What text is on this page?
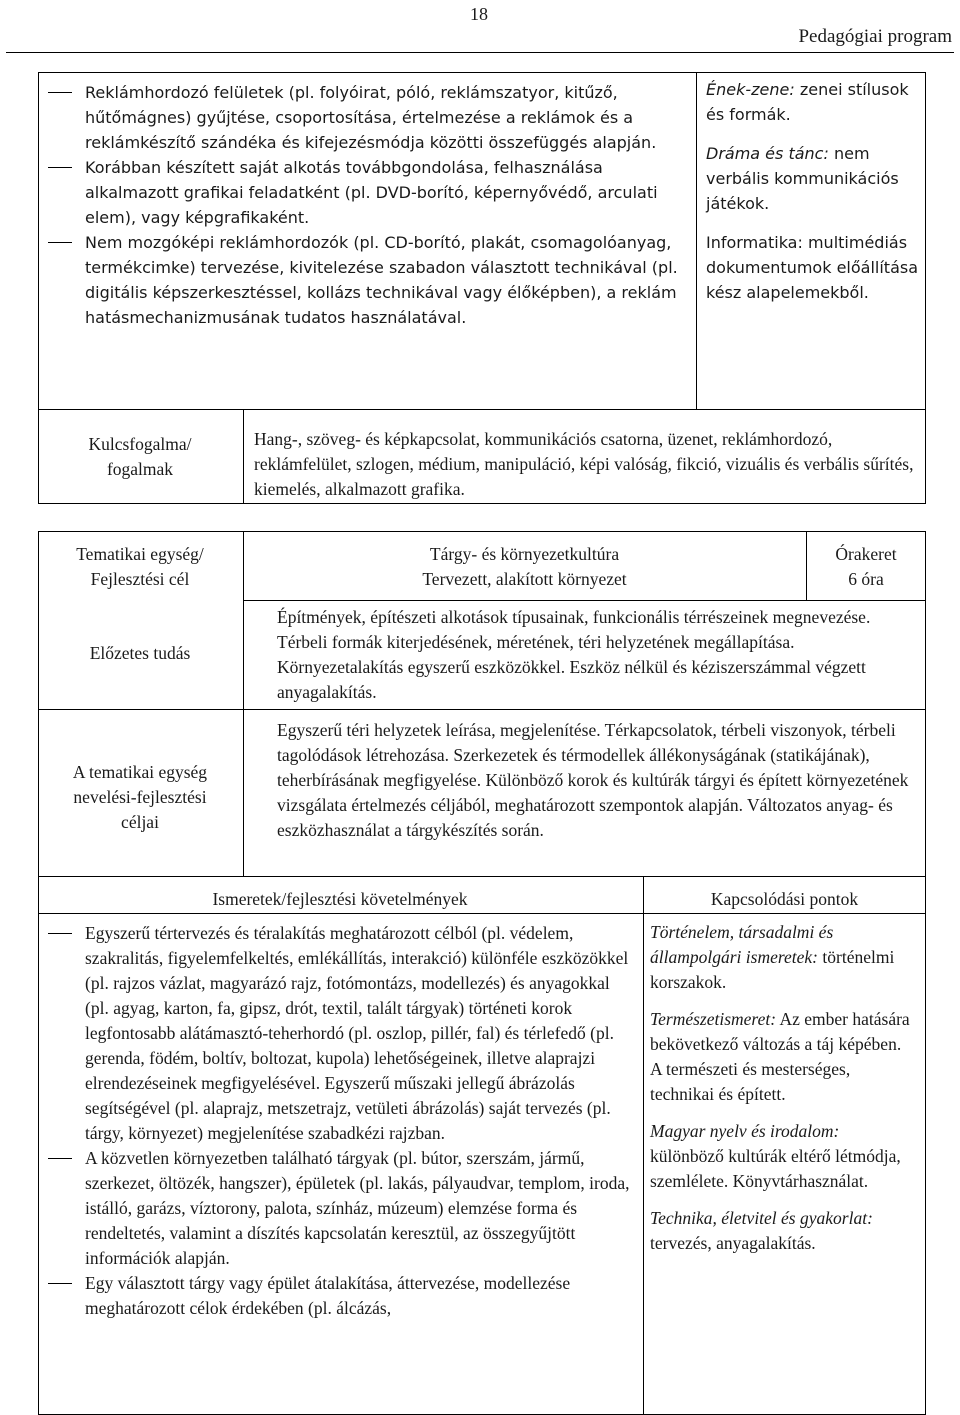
18
Pedagógiai program
Reklámhordozó felületek (pl. folyóirat, póló, reklámszatyor, kitűző, hűtőmágnes) gyűjtése, csoportosítása, értelmezése a reklámok és a reklámkészítő szándéka és kifejezésmódja közötti összefüggés alapján.
Korábban készített saját alkotás továbbgondolása, felhasználása alkalmazott grafikai feladatként (pl. DVD-borító, képernyővédő, arculati elem), vagy képgrafikaként.
Nem mozgóképi reklámhordozók (pl. CD-borító, plakát, csomagolóanyag, termékcimke) tervezése, kivitelezése szabadon választott technikával (pl. digitális képszerkesztéssel, kollázs technikával vagy élőképben), a reklám hatásmechanizmusának tudatos használatával.

Ének-zene: zenei stílusok és formák.

Dráma és tánc: nem verbális kommunikációs játékok.

Informatika: multimédiás dokumentumok előállítása kész alapelemekből.

Kulcsfogalma/
fogalmak
Hang-, szöveg- és képkapcsolat, kommunikációs csatorna, üzenet, reklámhordozó, reklámfelület, szlogen, médium, manipuláció, képi valóság, fikció, vizuális és verbális sűrítés, kiemelés, alkalmazott grafika.
Tematikai egység/
Fejlesztési cél
Tárgy- és környezetkultúra
Tervezett, alakított környezet
Órakeret
6 óra
Előzetes tudás
Építmények, építészeti alkotások típusainak, funkcionális térrészeinek megnevezése. Térbeli formák kiterjedésének, méretének, téri helyzetének megállapítása. Környezetalakítás egyszerű eszközökkel. Eszköz nélkül és kéziszerszámmal végzett anyagalakítás.
A tematikai egység
nevelési-fejlesztési
céljai
Egyszerű téri helyzetek leírása, megjelenítése. Térkapcsolatok, térbeli viszonyok, térbeli tagolódások létrehozása. Szerkezetek és térmodellek állékonyságának (statikájának), teherbírásának megfigyelése. Különböző korok és kultúrák tárgyi és épített környezetének vizsgálata értelmezés céljából, meghatározott szempontok alapján. Változatos anyag- és eszközhasználat a tárgykészítés során.
Ismeretek/fejlesztési követelmények	Kapcsolódási pontok
Egyszerű tértervezés és téralakítás meghatározott célból (pl. védelem, szakralitás, figyelemfelkeltés, emlékállítás, interakció) különféle eszközökkel (pl. rajzos vázlat, magyarázó rajz, fotómontázs, modellezés) és anyagokkal (pl. agyag, karton, fa, gipsz, drót, textil, talált tárgyak) történeti korok legfontosabb alátámasztó-teherhordó (pl. oszlop, pillér, fal) és térlefedő (pl. gerenda, födém, boltív, boltozat, kupola) lehetőségeinek, illetve alaprajzi elrendezéseinek megfigyelésével. Egyszerű műszaki jellegű ábrázolás segítségével (pl. alaprajz, metszetrajz, vetületi ábrázolás) saját tervezés (pl. tárgy, környezet) megjelenítése szabadkézi rajzban.
A közvetlen környezetben található tárgyak (pl. bútor, szerszám, jármű, szerkezet, öltözék, hangszer), épületek (pl. lakás, pályaudvar, templom, iroda, istálló, garázs, víztorony, palota, színház, múzeum) elemzése forma és rendeltetés, valamint a díszítés kapcsolatán keresztül, az összegyűjtött információk alapján.
Egy választott tárgy vagy épület átalakítása, áttervezése, modellezése meghatározott célok érdekében (pl. álcázás,

Történelem, társadalmi és állampolgári ismeretek: történelmi korszakok.

Természetismeret: Az ember hatására bekövetkező változás a táj képében. A természeti és mesterséges, technikai és épített.

Magyar nyelv és irodalom: különböző kultúrák eltérő létmódja, szemlélete. Könyvtárhasználat.

Technika, életvitel és gyakorlat: tervezés, anyagalakítás.
